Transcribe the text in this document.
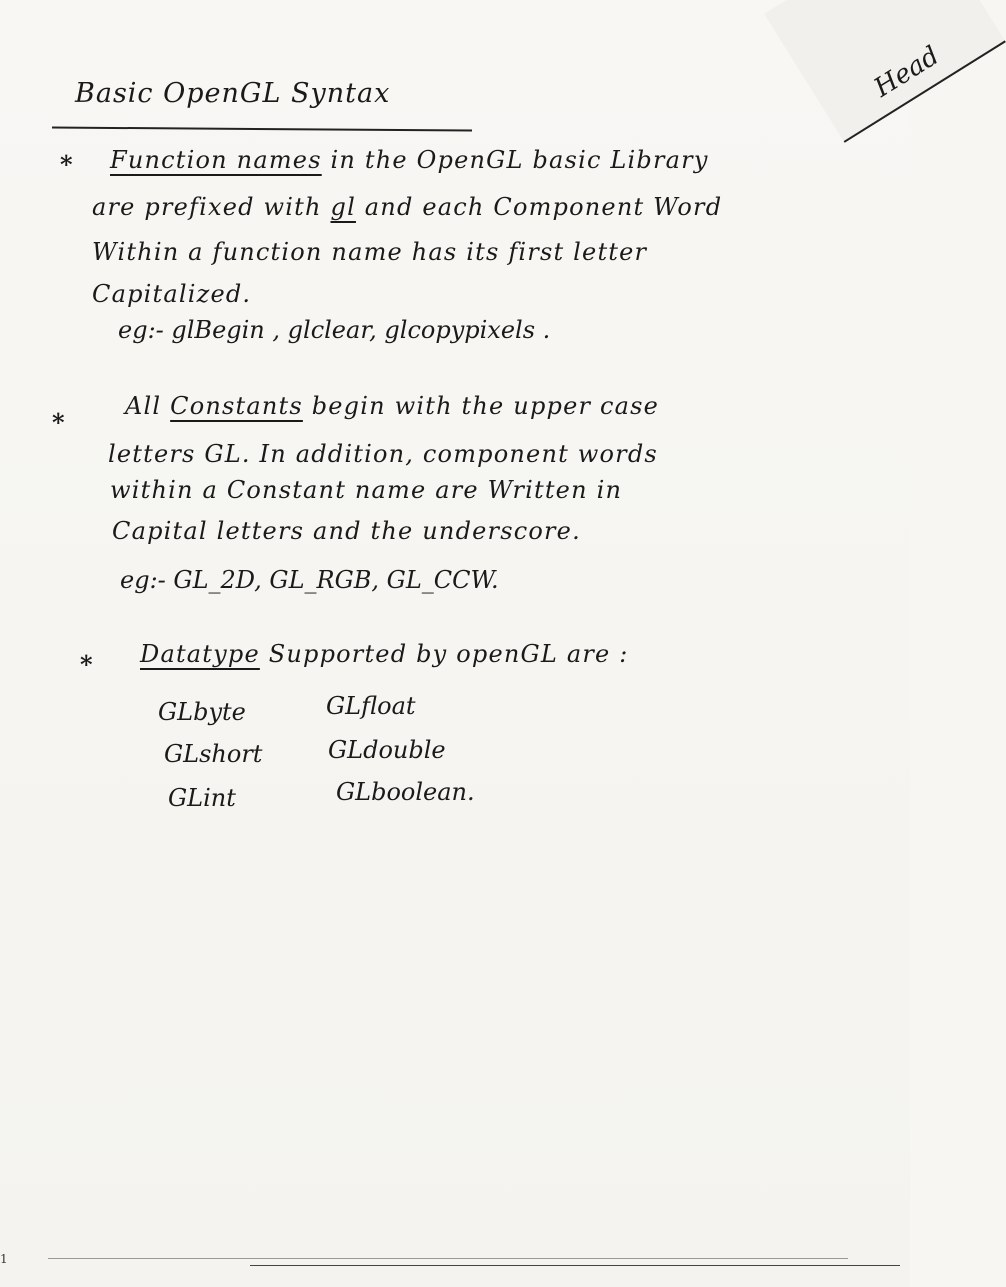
Head
Basic OpenGL Syntax
* Function names in the OpenGL basic Library
are prefixed with gl and each Component Word
Within a function name has its first letter
Capitalized.
eg:- glBegin , glclear, glcopypixels .
*
All Constants begin with the upper case
letters GL. In addition, component words
within a Constant name are Written in
Capital letters and the underscore.
eg:- GL_2D, GL_RGB, GL_CCW.
* Datatype Supported by openGL are :
GLbyte
GLshort
GLint
GLfloat
GLdouble
GLboolean.
1
